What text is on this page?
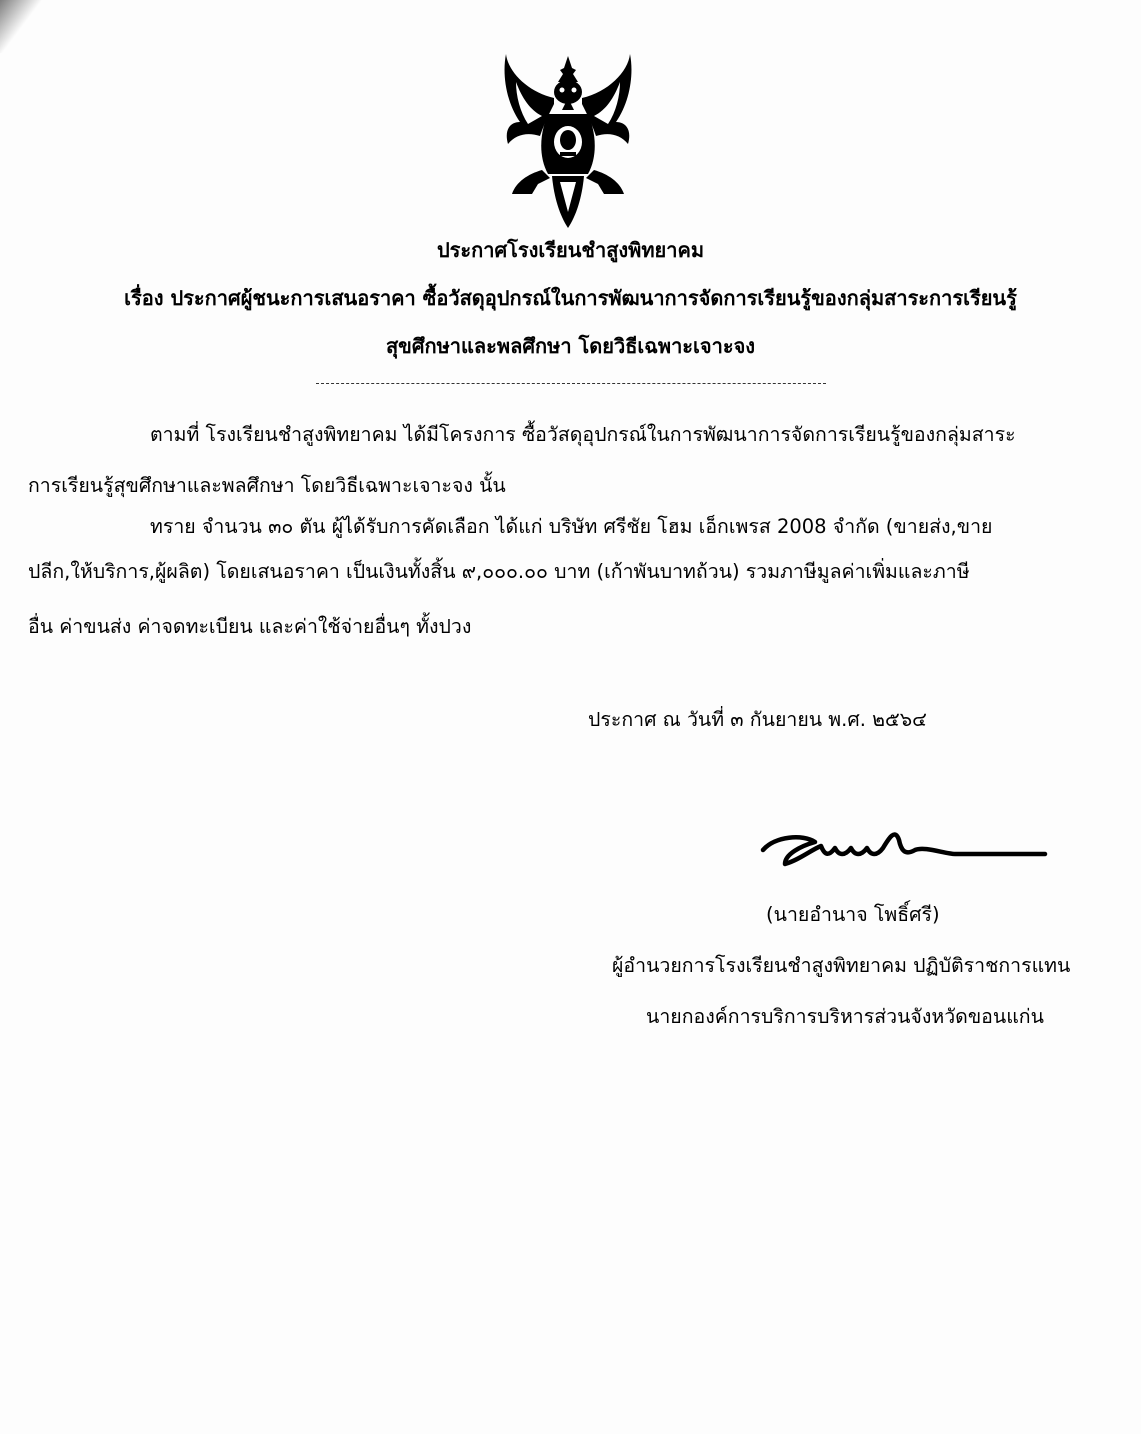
ประกาศโรงเรียนชำสูงพิทยาคม
เรื่อง ประกาศผู้ชนะการเสนอราคา ซื้อวัสดุอุปกรณ์ในการพัฒนาการจัดการเรียนรู้ของกลุ่มสาระการเรียนรู้
สุขศึกษาและพลศึกษา โดยวิธีเฉพาะเจาะจง
ตามที่ โรงเรียนชำสูงพิทยาคม ได้มีโครงการ ซื้อวัสดุอุปกรณ์ในการพัฒนาการจัดการเรียนรู้ของกลุ่มสาระ
การเรียนรู้สุขศึกษาและพลศึกษา โดยวิธีเฉพาะเจาะจง นั้น
ทราย จำนวน ๓๐ ตัน ผู้ได้รับการคัดเลือก ได้แก่ บริษัท ศรีชัย โฮม เอ็กเพรส 2008 จำกัด (ขายส่ง,ขาย
ปลีก,ให้บริการ,ผู้ผลิต) โดยเสนอราคา เป็นเงินทั้งสิ้น ๙,๐๐๐.๐๐ บาท (เก้าพันบาทถ้วน) รวมภาษีมูลค่าเพิ่มและภาษี
อื่น ค่าขนส่ง ค่าจดทะเบียน และค่าใช้จ่ายอื่นๆ ทั้งปวง
ประกาศ ณ วันที่ ๓ กันยายน พ.ศ. ๒๕๖๔
(นายอำนาจ โพธิ์ศรี)
ผู้อำนวยการโรงเรียนชำสูงพิทยาคม ปฏิบัติราชการแทน
นายกองค์การบริการบริหารส่วนจังหวัดขอนแก่น
